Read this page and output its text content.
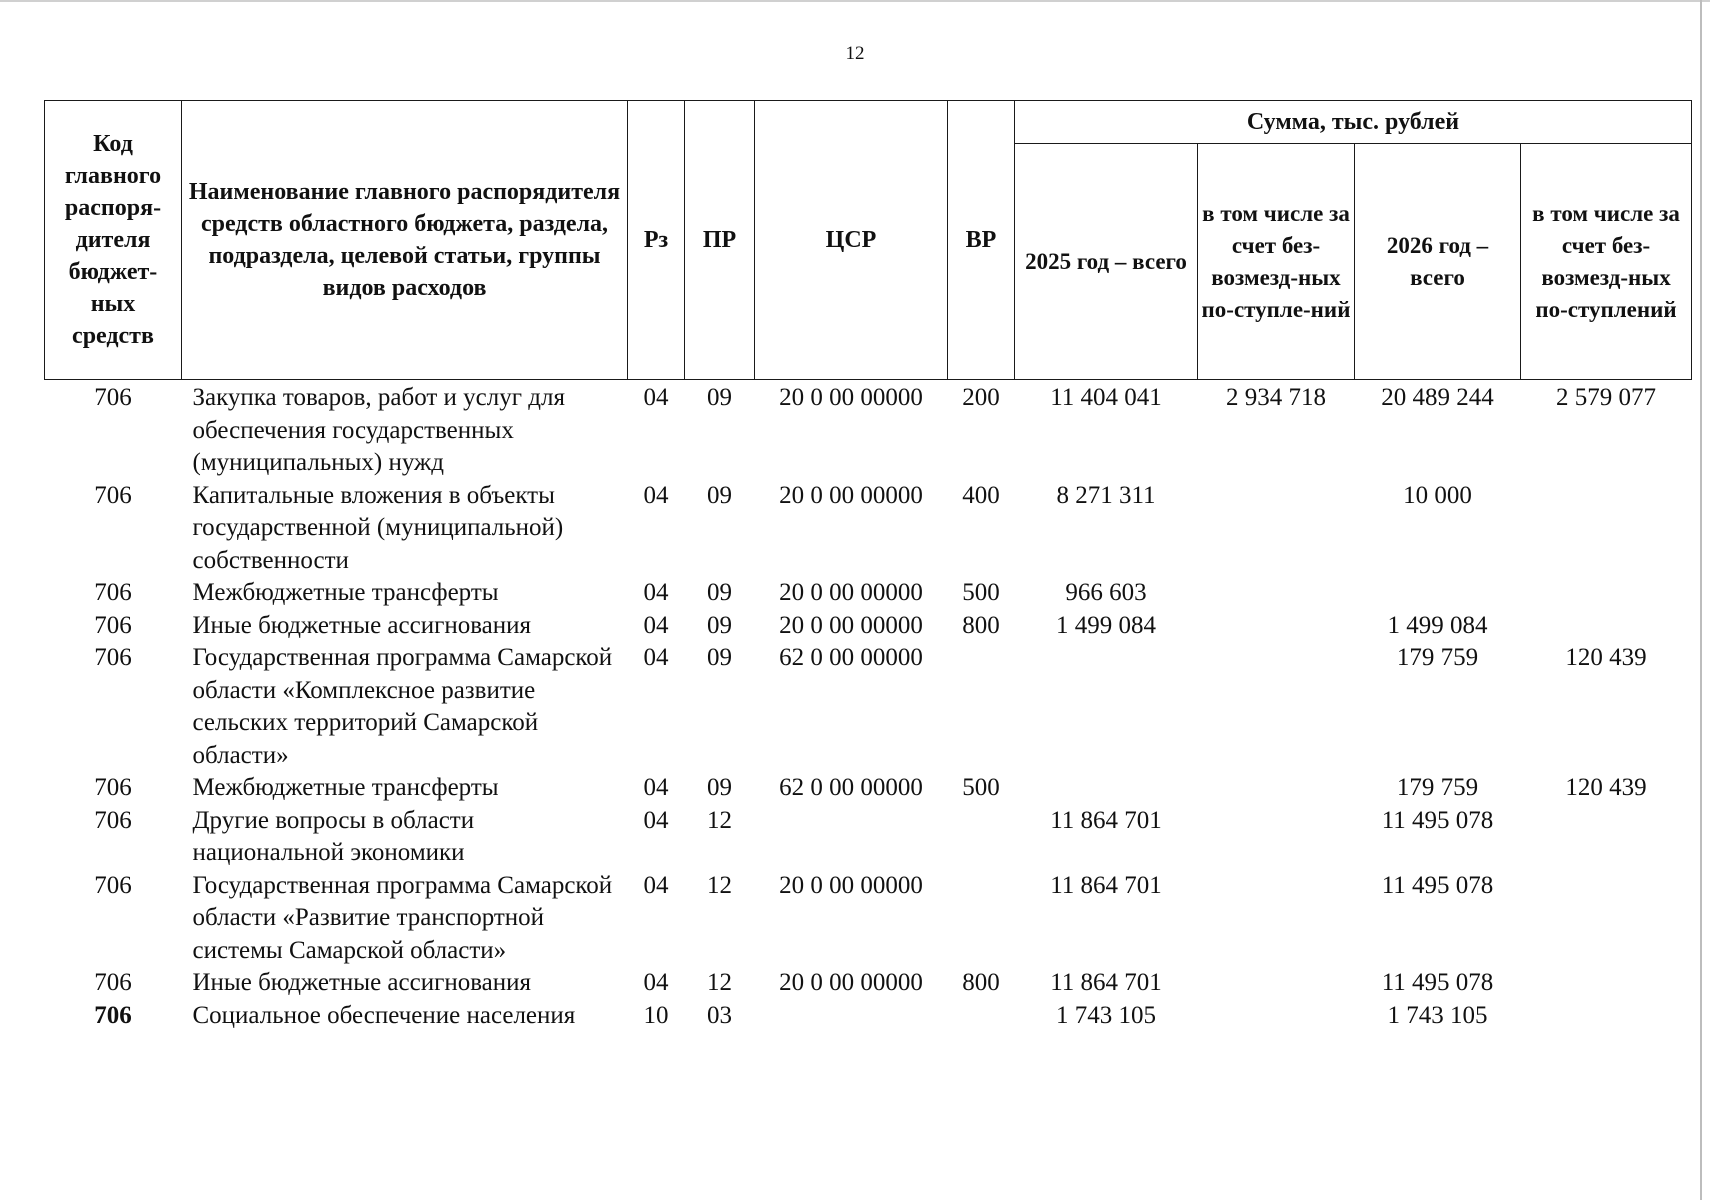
12
Код главного распоря-дителя бюджет-ных средств	Наименование главного распорядителя средств областного бюджета, раздела, подраздела, целевой статьи, группы видов расходов	Рз	ПР	ЦСР	ВР	Сумма, тыс. рублей			
						2025 год – всего	в том числе за счет без-возмезд-ных по-ступле-ний	2026 год – всего	в том числе за счет без-возмезд-ных по-ступлений
706	Закупка товаров, работ и услуг для обеспечения государственных (муниципальных) нужд	04	09	20 0 00 00000	200	11 404 041	2 934 718	20 489 244	2 579 077
706	Капитальные вложения в объекты государственной (муниципальной) собственности	04	09	20 0 00 00000	400	8 271 311		10 000	
706	Межбюджетные трансферты	04	09	20 0 00 00000	500	966 603			
706	Иные бюджетные ассигнования	04	09	20 0 00 00000	800	1 499 084		1 499 084	
706	Государственная программа Самарской области «Комплексное развитие сельских территорий Самарской области»	04	09	62 0 00 00000				179 759	120 439
706	Межбюджетные трансферты	04	09	62 0 00 00000	500			179 759	120 439
706	Другие вопросы в области национальной экономики	04	12			11 864 701		11 495 078	
706	Государственная программа Самарской области «Развитие транспортной системы Самарской области»	04	12	20 0 00 00000		11 864 701		11 495 078	
706	Иные бюджетные ассигнования	04	12	20 0 00 00000	800	11 864 701		11 495 078	
706	Социальное обеспечение населения	10	03			1 743 105		1 743 105	
